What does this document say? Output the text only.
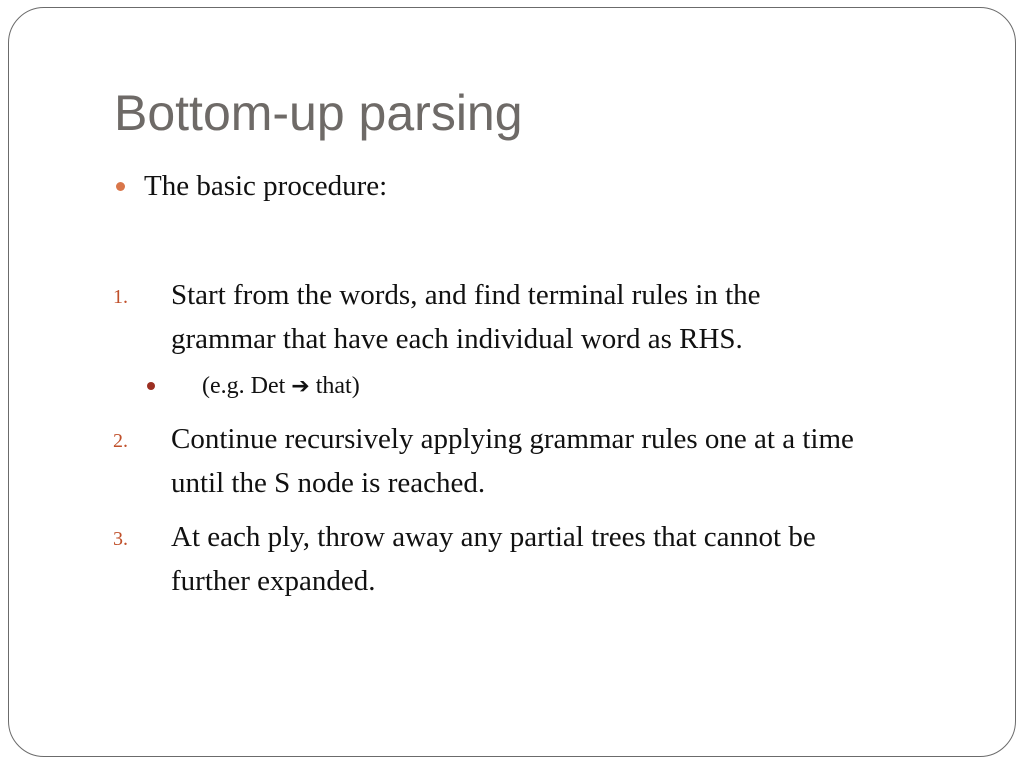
Bottom-up parsing
The basic procedure:
1. Start from the words, and find terminal rules in the
grammar that have each individual word as RHS.
(e.g. Det ➔ that)
2. Continue recursively applying grammar rules one at a time
until the S node is reached.
3. At each ply, throw away any partial trees that cannot be
further expanded.
